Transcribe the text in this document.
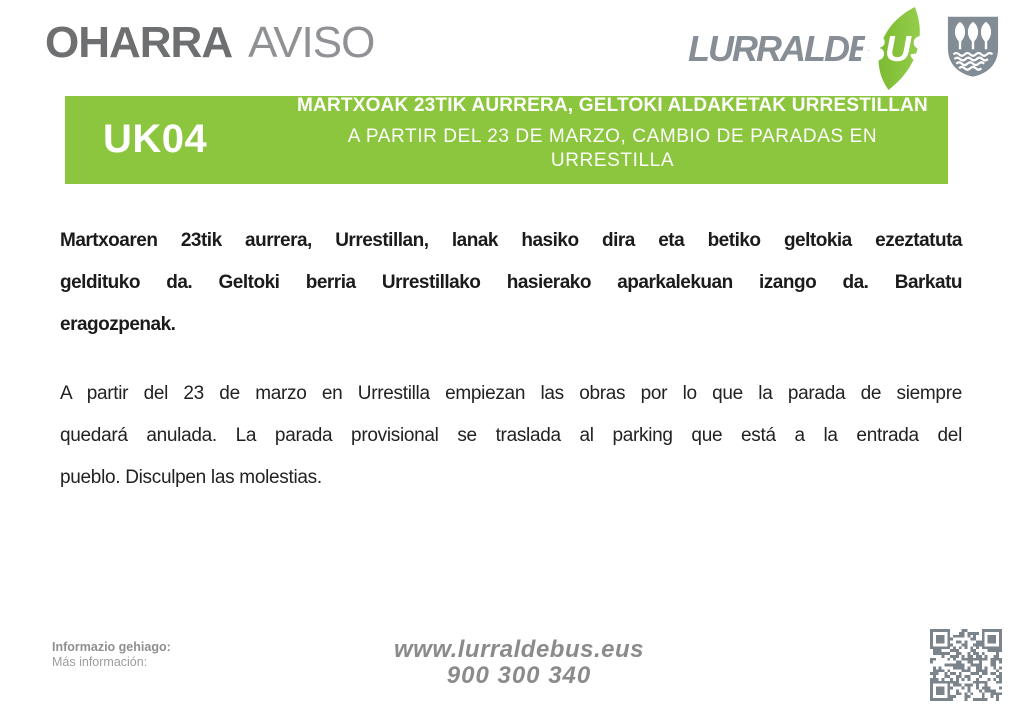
OHARRA AVISO	LURRALDE
BUS
UK04
MARTXOAK 23TIK AURRERA, GELTOKI ALDAKETAK URRESTILLAN
A PARTIR DEL 23 DE MARZO, CAMBIO DE PARADAS EN URRESTILLA
Martxoaren 23tik aurrera, Urrestillan, lanak hasiko dira eta betiko geltokia ezeztatuta
geldituko da. Geltoki berria Urrestillako hasierako aparkalekuan izango da. Barkatu
eragozpenak.
A partir del 23 de marzo en Urrestilla empiezan las obras por lo que la parada de siempre
quedará anulada. La parada provisional se traslada al parking que está a la entrada del
pueblo. Disculpen las molestias.
Informazio gehiago:
Más información:	www.lurraldebus.eus
900 300 340
